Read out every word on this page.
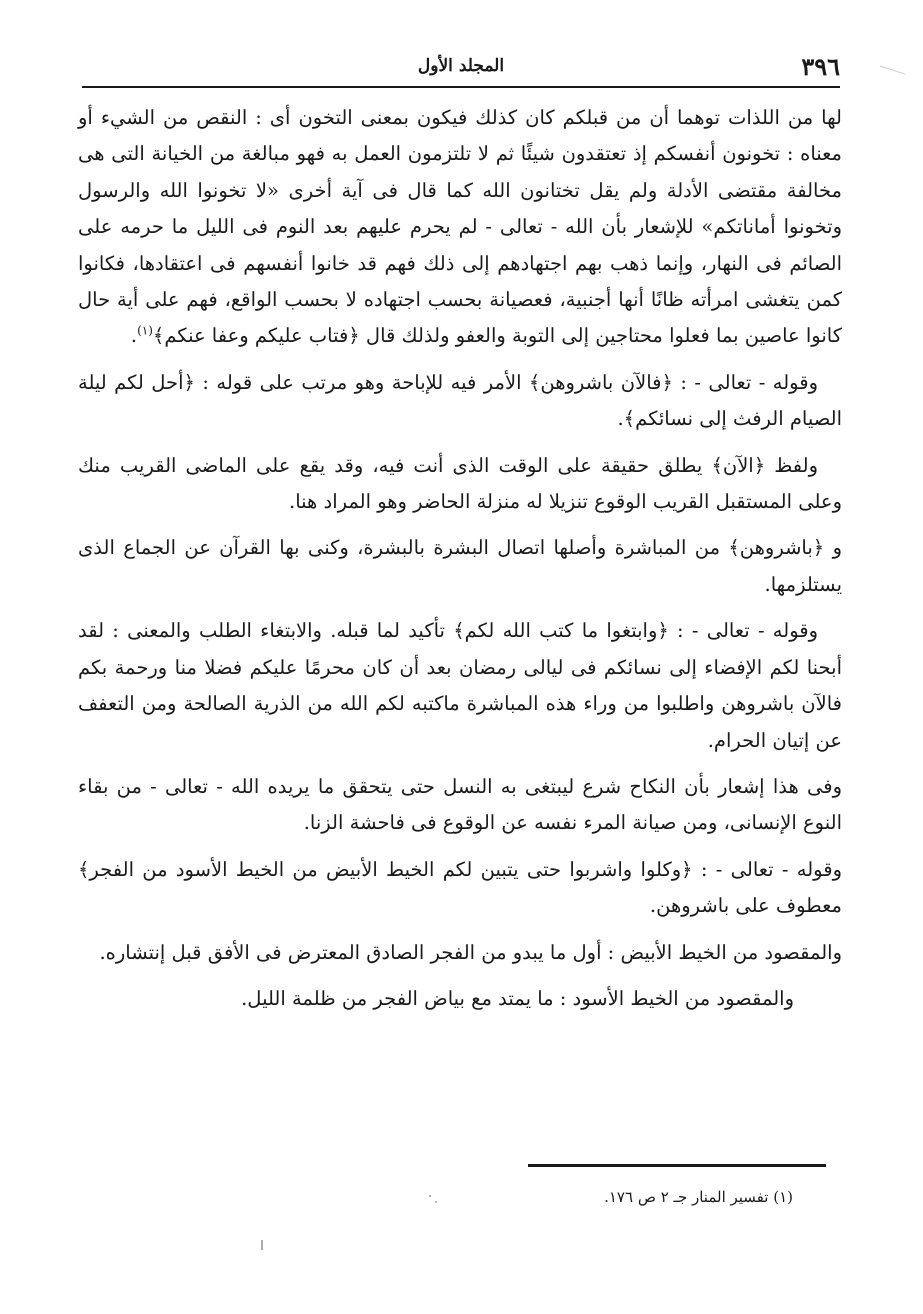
٣٩٦
المجلد الأول

لها من اللذات توهما أن من قبلكم كان كذلك فيكون بمعنى التخون أى : النقص من الشيء أو معناه : تخونون أنفسكم إذ تعتقدون شيئًا ثم لا تلتزمون العمل به فهو مبالغة من الخيانة التى هى مخالفة مقتضى الأدلة ولم يقل تختانون الله كما قال فى آية أخرى «لا تخونوا الله والرسول وتخونوا أماناتكم» للإشعار بأن الله - تعالى - لم يحرم عليهم بعد النوم فى الليل ما حرمه على الصائم فى النهار، وإنما ذهب بهم اجتهادهم إلى ذلك فهم قد خانوا أنفسهم فى اعتقادها، فكانوا كمن يتغشى امرأته ظانًا أنها أجنبية، فعصيانة بحسب اجتهاده لا بحسب الواقع، فهم على أية حال كانوا عاصين بما فعلوا محتاجين إلى التوبة والعفو ولذلك قال ﴿فتاب عليكم وعفا عنكم﴾$^{(١)}$.

وقوله - تعالى - : ﴿فالآن باشروهن﴾ الأمر فيه للإباحة وهو مرتب على قوله : ﴿أحل لكم ليلة الصيام الرفث إلى نسائكم﴾.

ولفظ ﴿الآن﴾ يطلق حقيقة على الوقت الذى أنت فيه، وقد يقع على الماضى القريب منك وعلى المستقبل القريب الوقوع تنزيلا له منزلة الحاضر وهو المراد هنا.

و ﴿باشروهن﴾ من المباشرة وأصلها اتصال البشرة بالبشرة، وكنى بها القرآن عن الجماع الذى يستلزمها.

وقوله - تعالى - : ﴿وابتغوا ما كتب الله لكم﴾ تأكيد لما قبله. والابتغاء الطلب والمعنى : لقد أبحنا لكم الإفضاء إلى نسائكم فى ليالى رمضان بعد أن كان محرمًا عليكم فضلا منا ورحمة بكم فالآن باشروهن واطلبوا من وراء هذه المباشرة ماكتبه لكم الله من الذرية الصالحة ومن التعفف عن إتيان الحرام.

وفى هذا إشعار بأن النكاح شرع ليبتغى به النسل حتى يتحقق ما يريده الله - تعالى - من بقاء النوع الإنسانى، ومن صيانة المرء نفسه عن الوقوع فى فاحشة الزنا.

وقوله - تعالى - : ﴿وكلوا واشربوا حتى يتبين لكم الخيط الأبيض من الخيط الأسود من الفجر﴾ معطوف على باشروهن.

والمقصود من الخيط الأبيض : أول ما يبدو من الفجر الصادق المعترض فى الأفق قبل إنتشاره.

والمقصود من الخيط الأسود : ما يمتد مع بياض الفجر من ظلمة الليل.

(١) تفسير المنار جـ ٢ ص ١٧٦.
